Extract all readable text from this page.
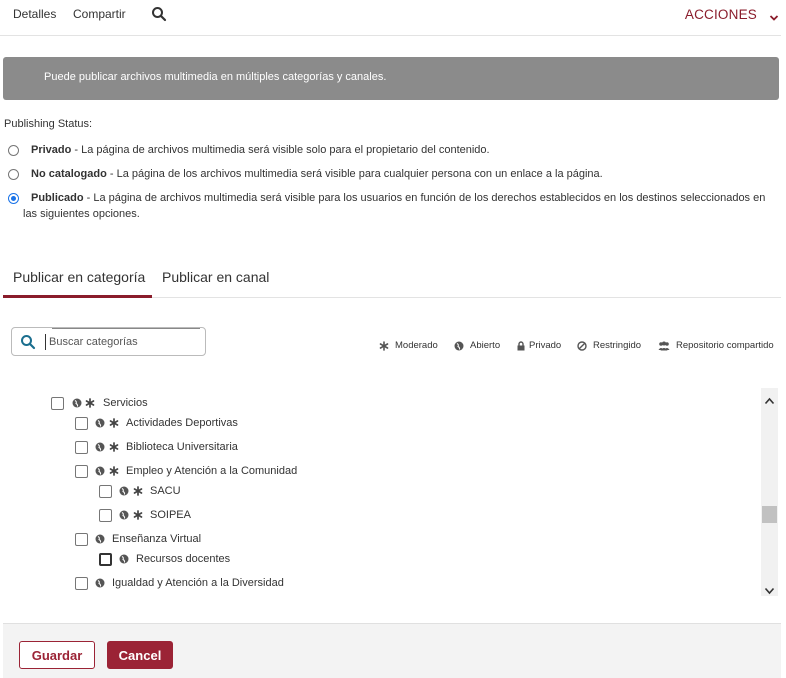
Detalles Compartir	ACCIONES
Puede publicar archivos multimedia en múltiples categorías y canales.
Publishing Status:
Privado - La página de archivos multimedia será visible solo para el propietario del contenido.
No catalogado - La página de los archivos multimedia será visible para cualquier persona con un enlace a la página.
Publicado - La página de archivos multimedia será visible para los usuarios en función de los derechos establecidos en los destinos seleccionados en
las siguientes opciones.
Publicar en categoría Publicar en canal
Buscar categorías
Moderado	Abierto	Privado	Restringido	Repositorio compartido
Servicios
Actividades Deportivas
Biblioteca Universitaria
Empleo y Atención a la Comunidad
SACU
SOIPEA
Enseñanza Virtual
Recursos docentes
Igualdad y Atención a la Diversidad
Guardar	Cancel
